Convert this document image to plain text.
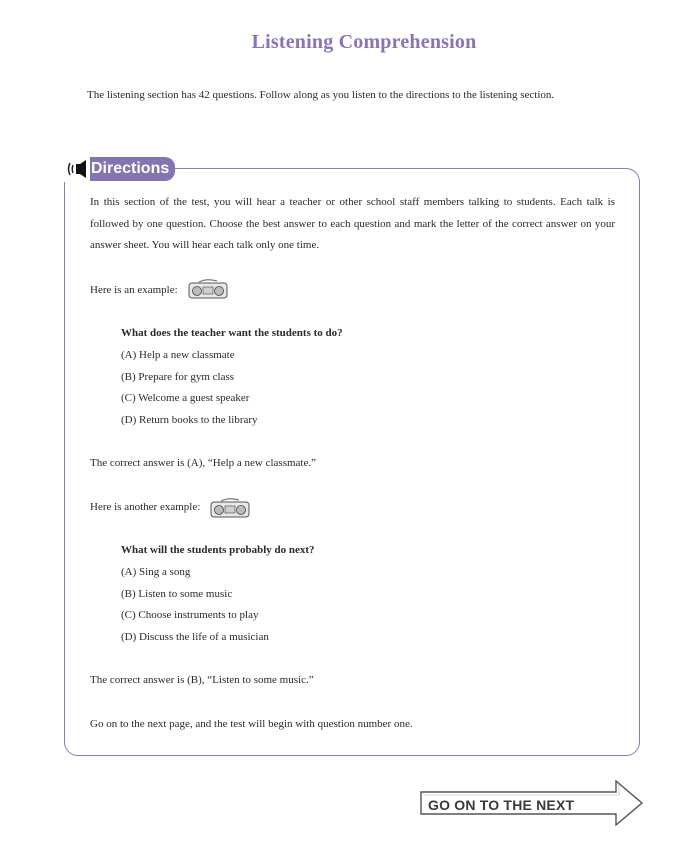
Listening Comprehension
The listening section has 42 questions. Follow along as you listen to the directions to the listening section.
Directions
In this section of the test, you will hear a teacher or other school staff members talking to students. Each talk is followed by one question. Choose the best answer to each question and mark the letter of the correct answer on your answer sheet. You will hear each talk only one time.
Here is an example:
What does the teacher want the students to do?
(A) Help a new classmate
(B) Prepare for gym class
(C) Welcome a guest speaker
(D) Return books to the library
The correct answer is (A), “Help a new classmate.”
Here is another example:
What will the students probably do next?
(A) Sing a song
(B) Listen to some music
(C) Choose instruments to play
(D) Discuss the life of a musician
The correct answer is (B), “Listen to some music.”
Go on to the next page, and the test will begin with question number one.
GO ON TO THE NEXT
